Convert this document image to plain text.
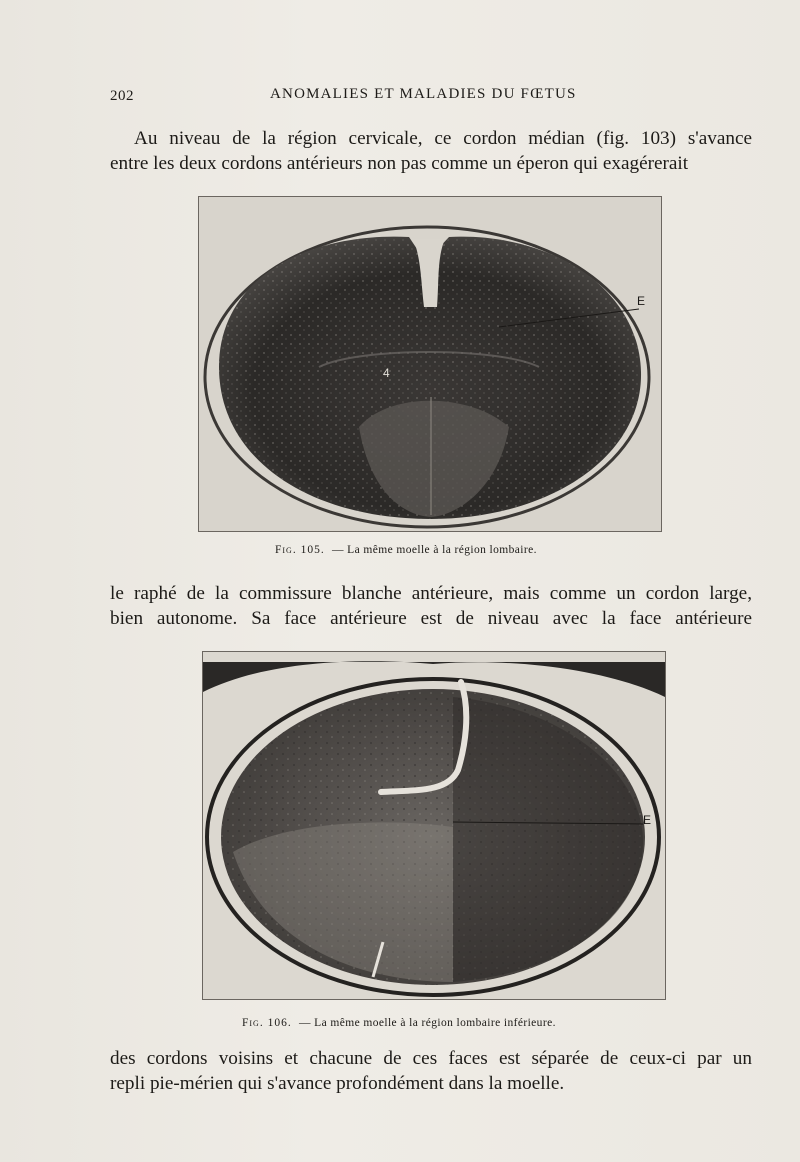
202	ANOMALIES ET MALADIES DU FŒTUS

Au niveau de la région cervicale, ce cordon médian (fig. 103) s'avance
entre les deux cordons antérieurs non pas comme un éperon qui exagérerait

E
4
Fig. 105. — La même moelle à la région lombaire.

le raphé de la commissure blanche antérieure, mais comme un cordon large,
bien autonome. Sa face antérieure est de niveau avec la face antérieure

E
Fig. 106. — La même moelle à la région lombaire inférieure.

des cordons voisins et chacune de ces faces est séparée de ceux-ci par un
repli pie-mérien qui s'avance profondément dans la moelle.
